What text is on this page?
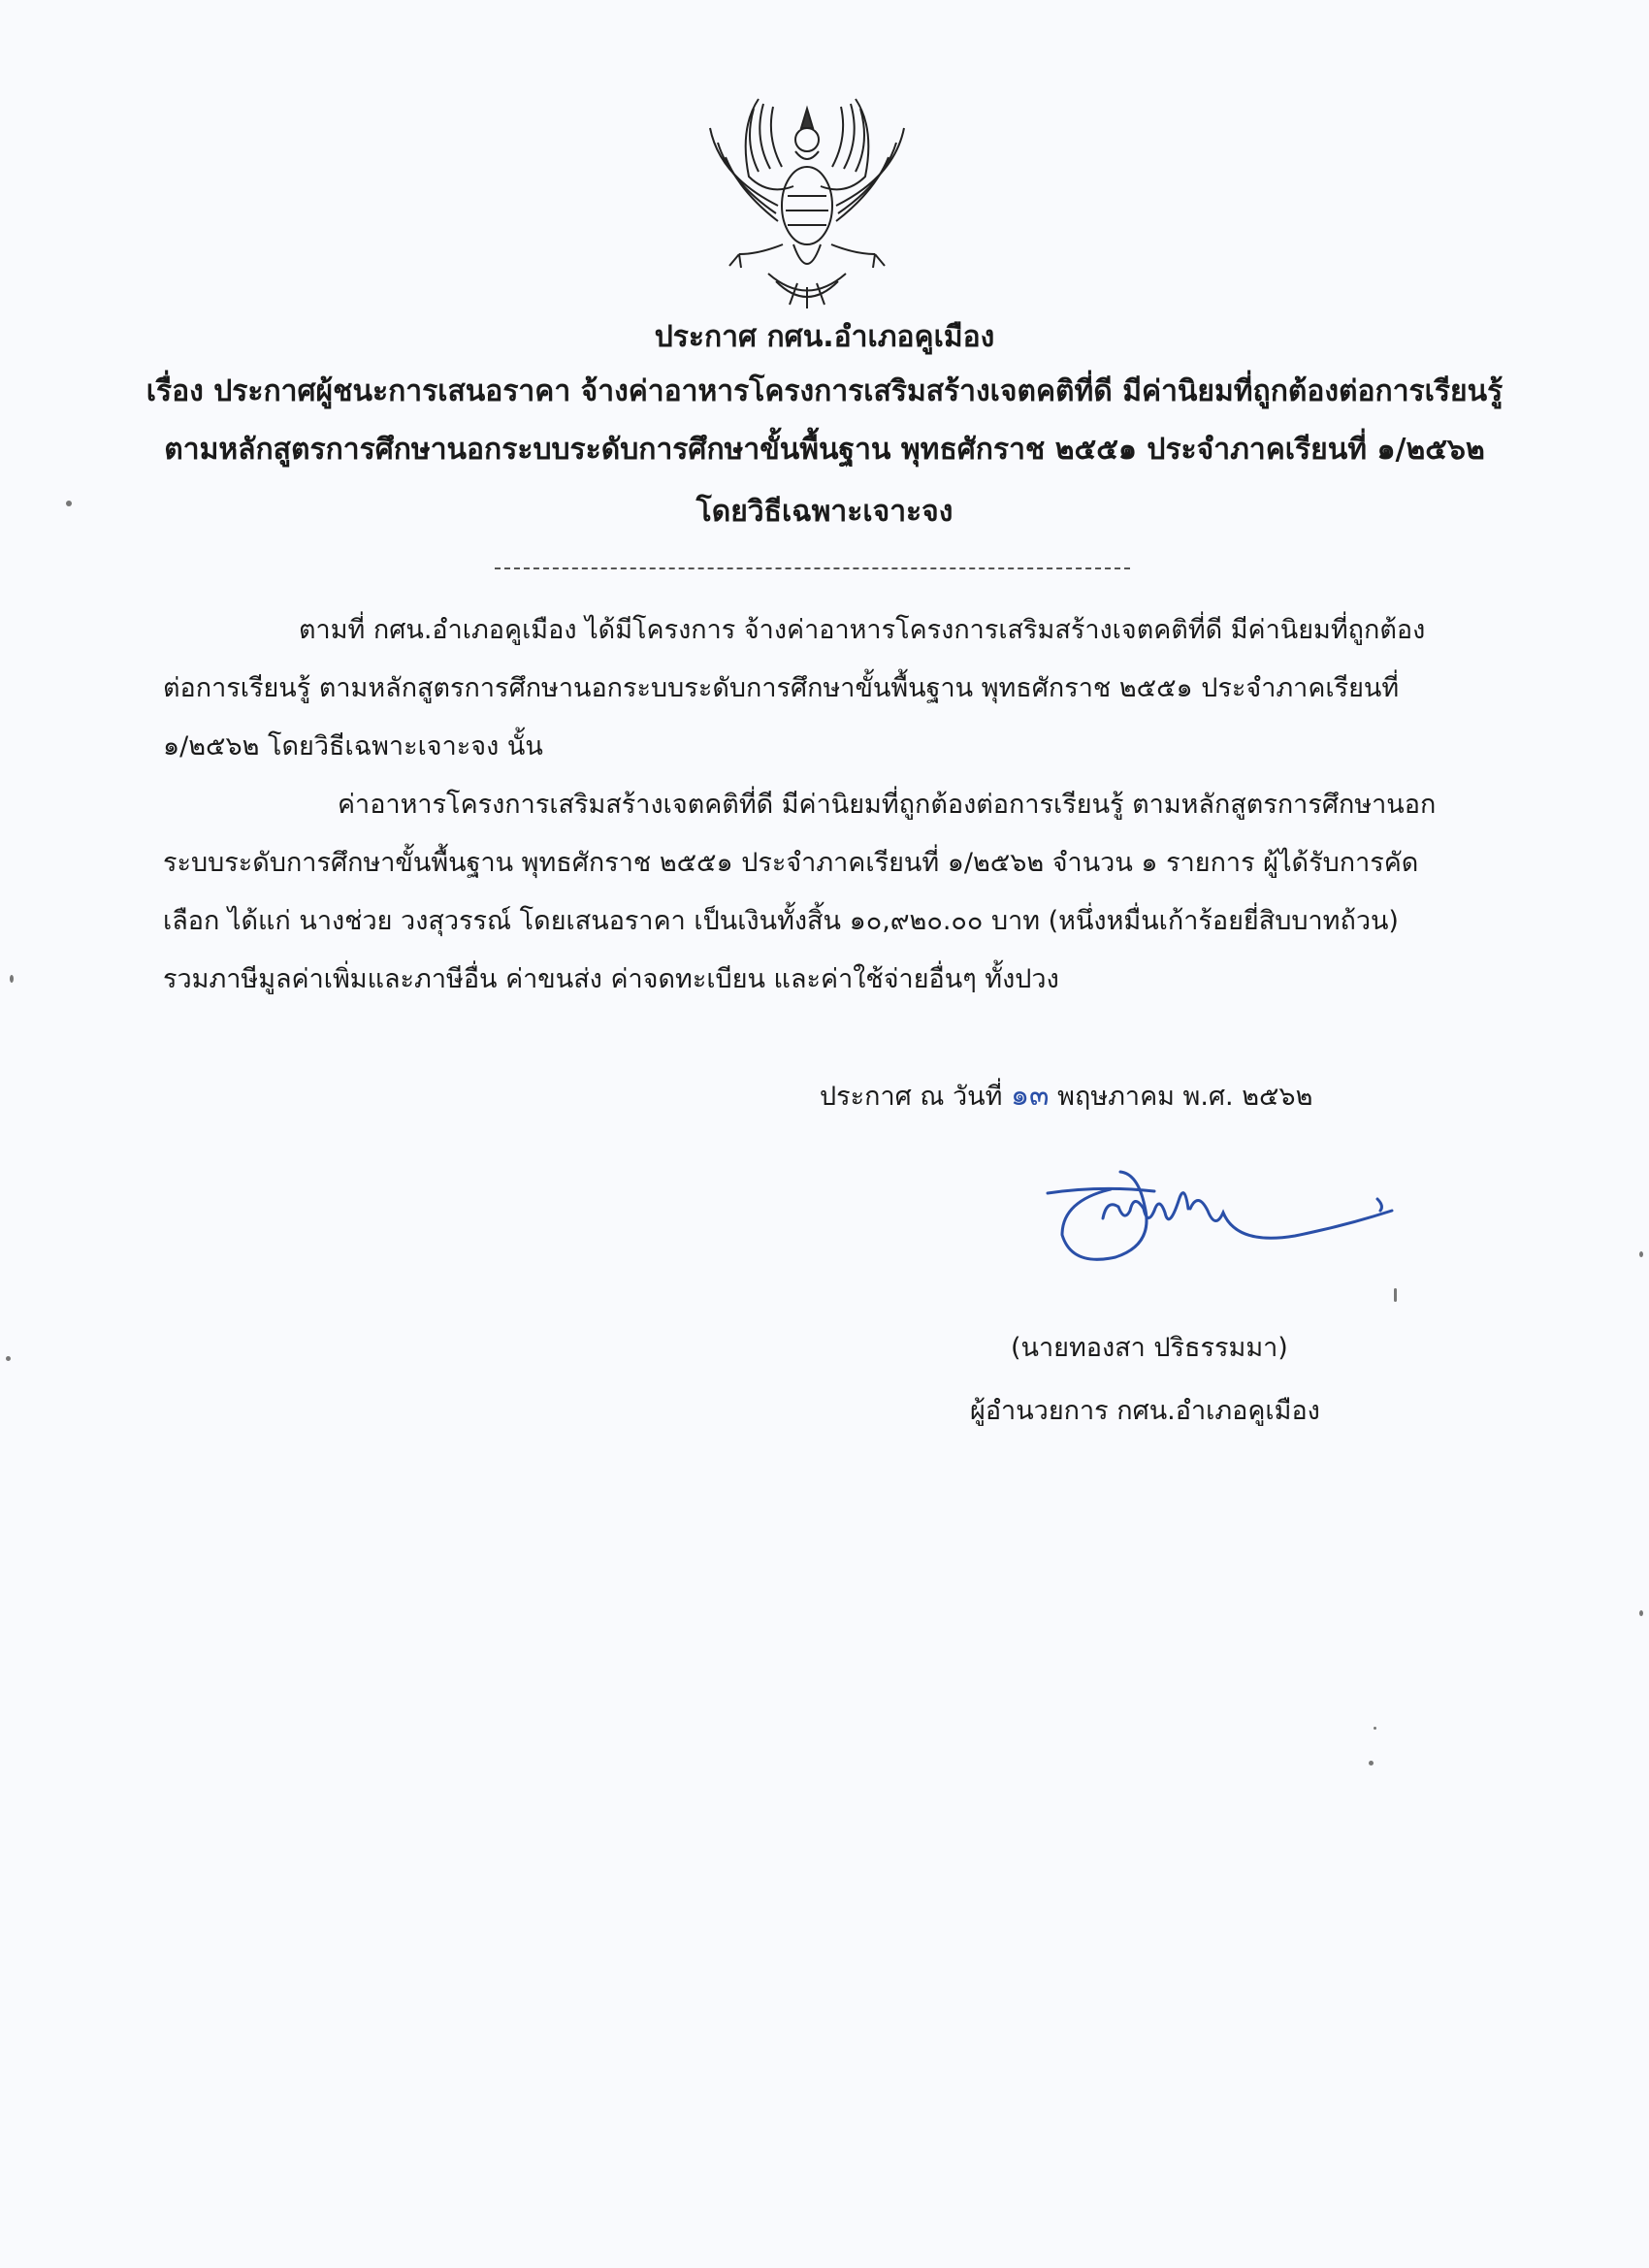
ประกาศ กศน.อำเภอคูเมือง
เรื่อง ประกาศผู้ชนะการเสนอราคา จ้างค่าอาหารโครงการเสริมสร้างเจตคติที่ดี มีค่านิยมที่ถูกต้องต่อการเรียนรู้
ตามหลักสูตรการศึกษานอกระบบระดับการศึกษาขั้นพื้นฐาน พุทธศักราช ๒๕๕๑ ประจำภาคเรียนที่ ๑/๒๕๖๒
โดยวิธีเฉพาะเจาะจง
ตามที่ กศน.อำเภอคูเมือง ได้มีโครงการ จ้างค่าอาหารโครงการเสริมสร้างเจตคติที่ดี มีค่านิยมที่ถูกต้อง
ต่อการเรียนรู้ ตามหลักสูตรการศึกษานอกระบบระดับการศึกษาขั้นพื้นฐาน พุทธศักราช ๒๕๕๑ ประจำภาคเรียนที่
๑/๒๕๖๒ โดยวิธีเฉพาะเจาะจง นั้น
ค่าอาหารโครงการเสริมสร้างเจตคติที่ดี มีค่านิยมที่ถูกต้องต่อการเรียนรู้ ตามหลักสูตรการศึกษานอก
ระบบระดับการศึกษาขั้นพื้นฐาน พุทธศักราช ๒๕๕๑ ประจำภาคเรียนที่ ๑/๒๕๖๒ จำนวน ๑ รายการ ผู้ได้รับการคัด
เลือก ได้แก่ นางช่วย วงสุวรรณ์ โดยเสนอราคา เป็นเงินทั้งสิ้น ๑๐,๙๒๐.๐๐ บาท (หนึ่งหมื่นเก้าร้อยยี่สิบบาทถ้วน)
รวมภาษีมูลค่าเพิ่มและภาษีอื่น ค่าขนส่ง ค่าจดทะเบียน และค่าใช้จ่ายอื่นๆ ทั้งปวง
ประกาศ ณ วันที่ ๑๓ พฤษภาคม พ.ศ. ๒๕๖๒
(นายทองสา ปริธรรมมา)
ผู้อำนวยการ กศน.อำเภอคูเมือง
